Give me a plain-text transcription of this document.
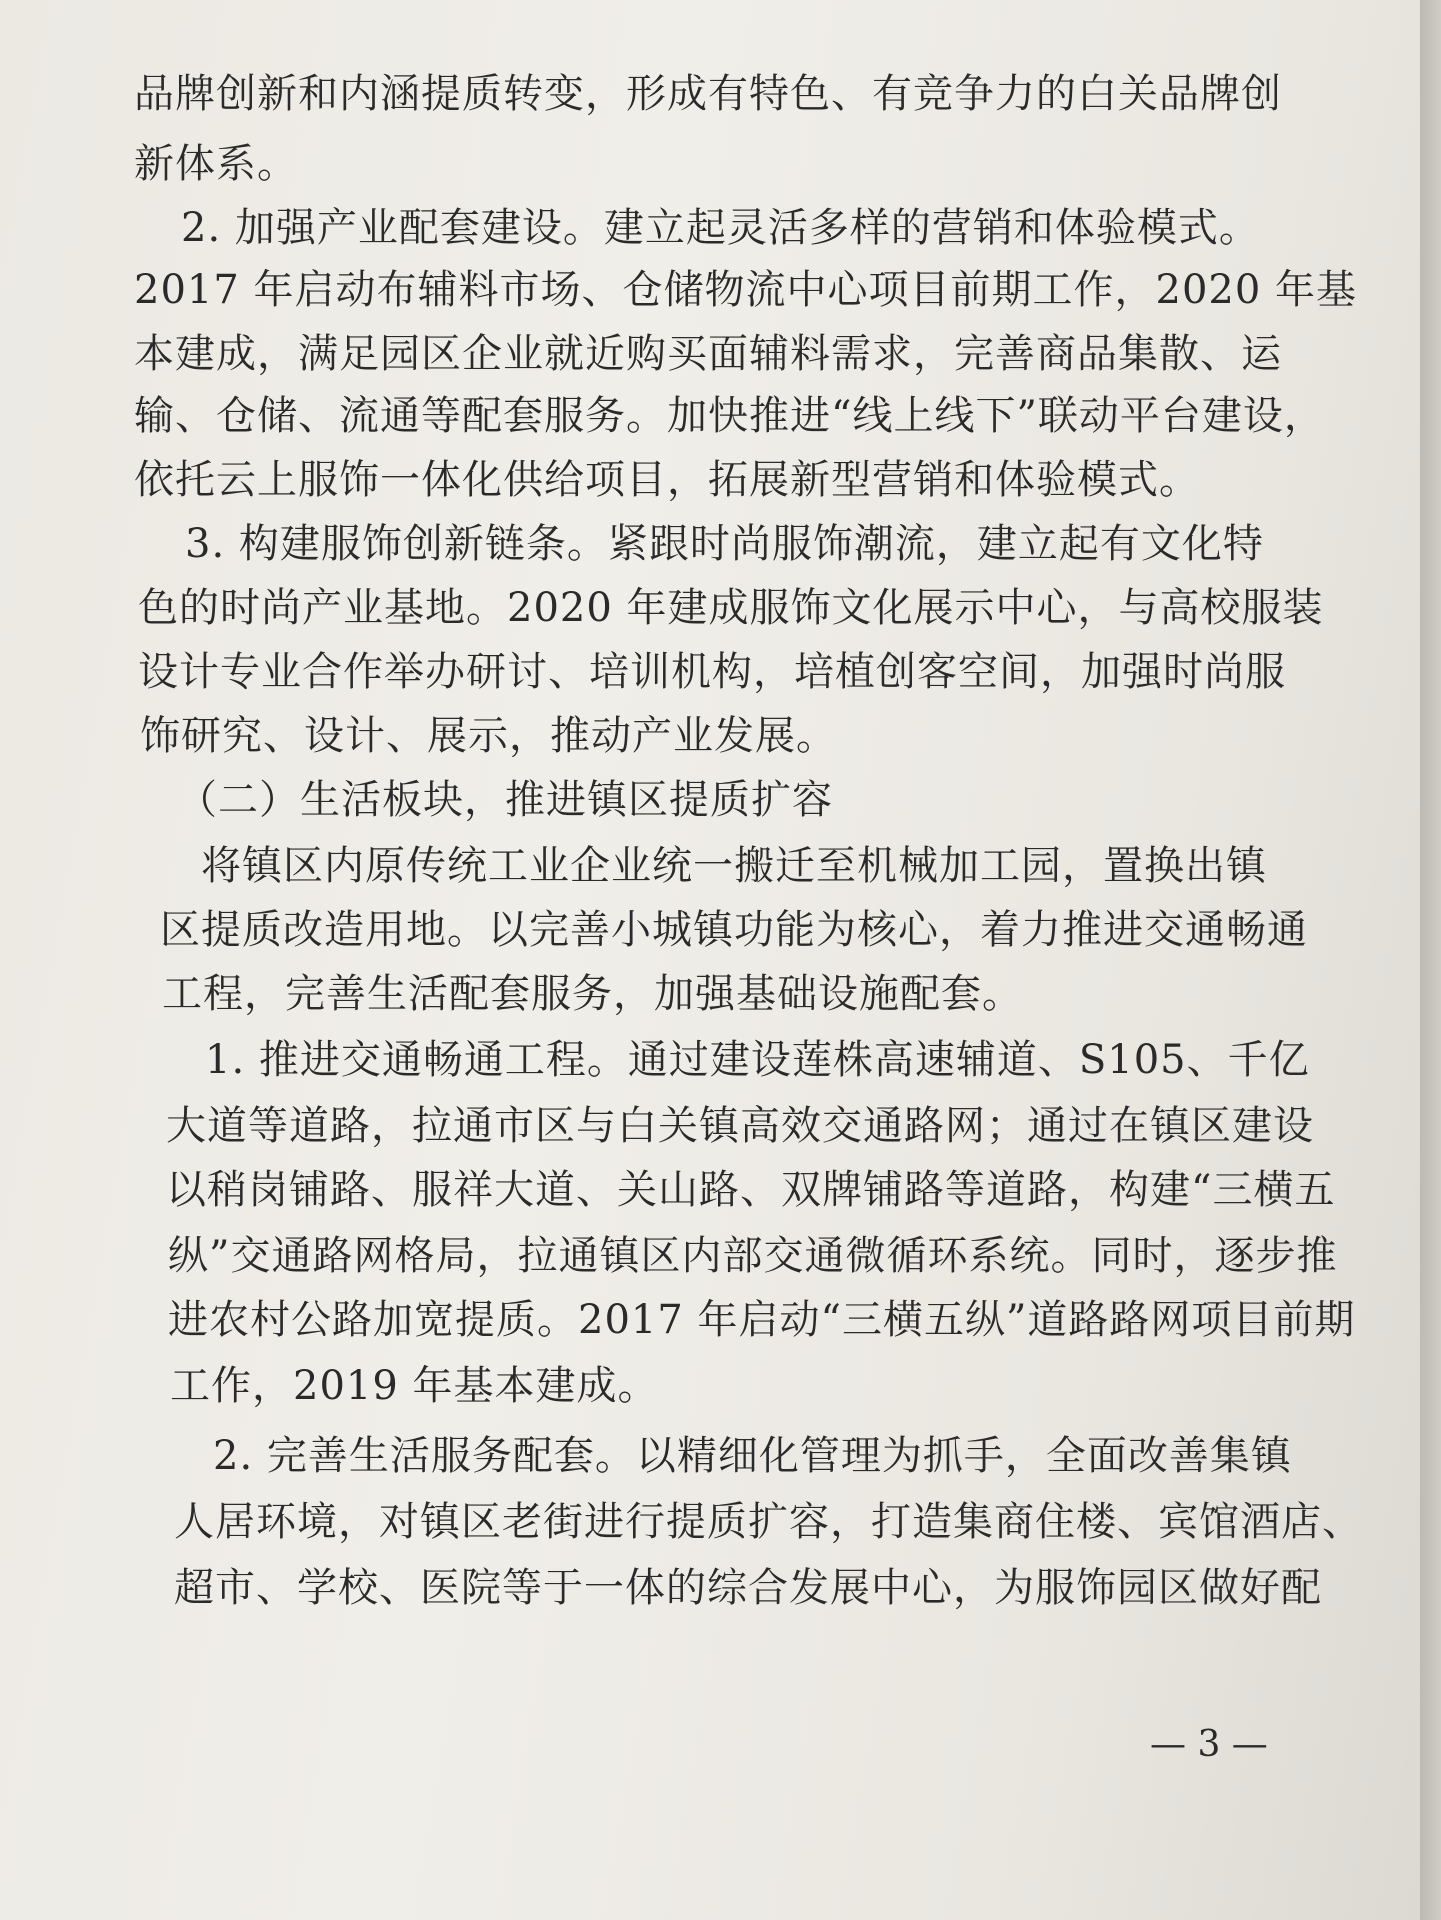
品牌创新和内涵提质转变，形成有特色、有竞争力的白关品牌创
新体系。
　2. 加强产业配套建设。建立起灵活多样的营销和体验模式。
2017 年启动布辅料市场、仓储物流中心项目前期工作，2020 年基
本建成，满足园区企业就近购买面辅料需求，完善商品集散、运
输、仓储、流通等配套服务。加快推进“线上线下”联动平台建设，
依托云上服饰一体化供给项目，拓展新型营销和体验模式。
　3. 构建服饰创新链条。紧跟时尚服饰潮流，建立起有文化特
色的时尚产业基地。2020 年建成服饰文化展示中心，与高校服装
设计专业合作举办研讨、培训机构，培植创客空间，加强时尚服
饰研究、设计、展示，推动产业发展。
　（二）生活板块，推进镇区提质扩容
　将镇区内原传统工业企业统一搬迁至机械加工园，置换出镇
区提质改造用地。以完善小城镇功能为核心，着力推进交通畅通
工程，完善生活配套服务，加强基础设施配套。
　1. 推进交通畅通工程。通过建设莲株高速辅道、S105、千亿
大道等道路，拉通市区与白关镇高效交通路网；通过在镇区建设
以稍岗铺路、服祥大道、关山路、双牌铺路等道路，构建“三横五
纵”交通路网格局，拉通镇区内部交通微循环系统。同时，逐步推
进农村公路加宽提质。2017 年启动“三横五纵”道路路网项目前期
工作，2019 年基本建成。
　2. 完善生活服务配套。以精细化管理为抓手，全面改善集镇
人居环境，对镇区老街进行提质扩容，打造集商住楼、宾馆酒店、
超市、学校、医院等于一体的综合发展中心，为服饰园区做好配
— 3 —
